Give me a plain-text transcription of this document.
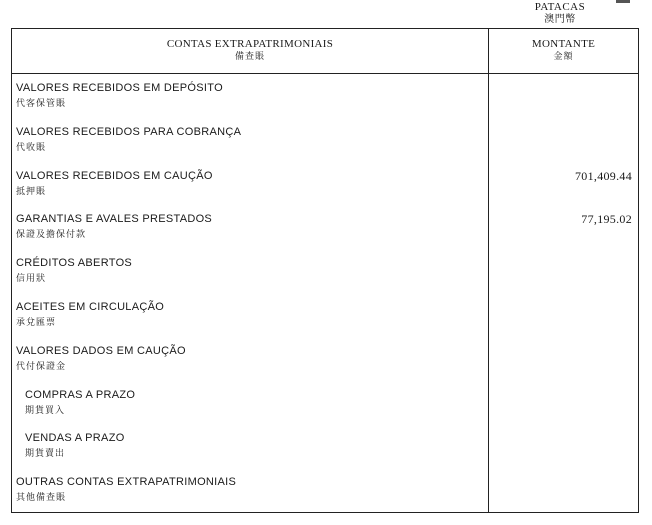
PATACAS
澳門幣
CONTAS EXTRAPATRIMONIAIS
備查賬
MONTANTE
金額
VALORES RECEBIDOS EM DEPÓSITO
代客保管賬
VALORES RECEBIDOS PARA COBRANÇA
代收賬
VALORES RECEBIDOS EM CAUÇÃO
抵押賬
701,409.44
GARANTIAS E AVALES PRESTADOS
保證及擔保付款
77,195.02
CRÉDITOS ABERTOS
信用狀
ACEITES EM CIRCULAÇÃO
承兌匯票
VALORES DADOS EM CAUÇÃO
代付保證金
COMPRAS A PRAZO
期貨買入
VENDAS A PRAZO
期貨賣出
OUTRAS CONTAS EXTRAPATRIMONIAIS
其他備查賬
